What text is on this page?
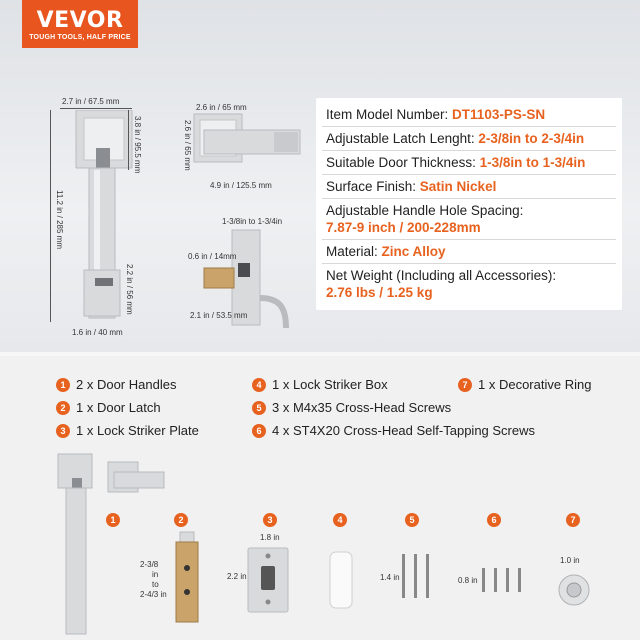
VEVOR
TOUGH TOOLS, HALF PRICE
2.7 in / 67.5 mm
3.8 in / 95.5 mm
11.2 in / 285 mm
2.2 in / 56 mm
1.6 in / 40 mm
2.6 in / 65 mm
2.6 in / 65 mm
4.9 in / 125.5 mm
1-3/8in to 1-3/4in
0.6 in / 14mm
2.1 in / 53.5 mm
Item Model Number: DT1103-PS-SN
Adjustable Latch Lenght: 2-3/8in to 2-3/4in
Suitable Door Thickness: 1-3/8in to 1-3/4in
Surface Finish: Satin Nickel
Adjustable Handle Hole Spacing:
7.87-9 inch / 200-228mm
Material: Zinc Alloy
Net Weight (Including all Accessories):
2.76 lbs / 1.25 kg
1 2 x Door Handles
2 1 x Door Latch
3 1 x Lock Striker Plate
4 1 x Lock Striker Box
5 3 x M4x35 Cross-Head Screws
6 4 x ST4X20 Cross-Head Self-Tapping Screws
7 1 x Decorative Ring
1	2
2-3/8
in
to
2-4/3 in
3
1.8 in
2.2 in
4	5
1.4 in
6
0.8 in
7
1.0 in
